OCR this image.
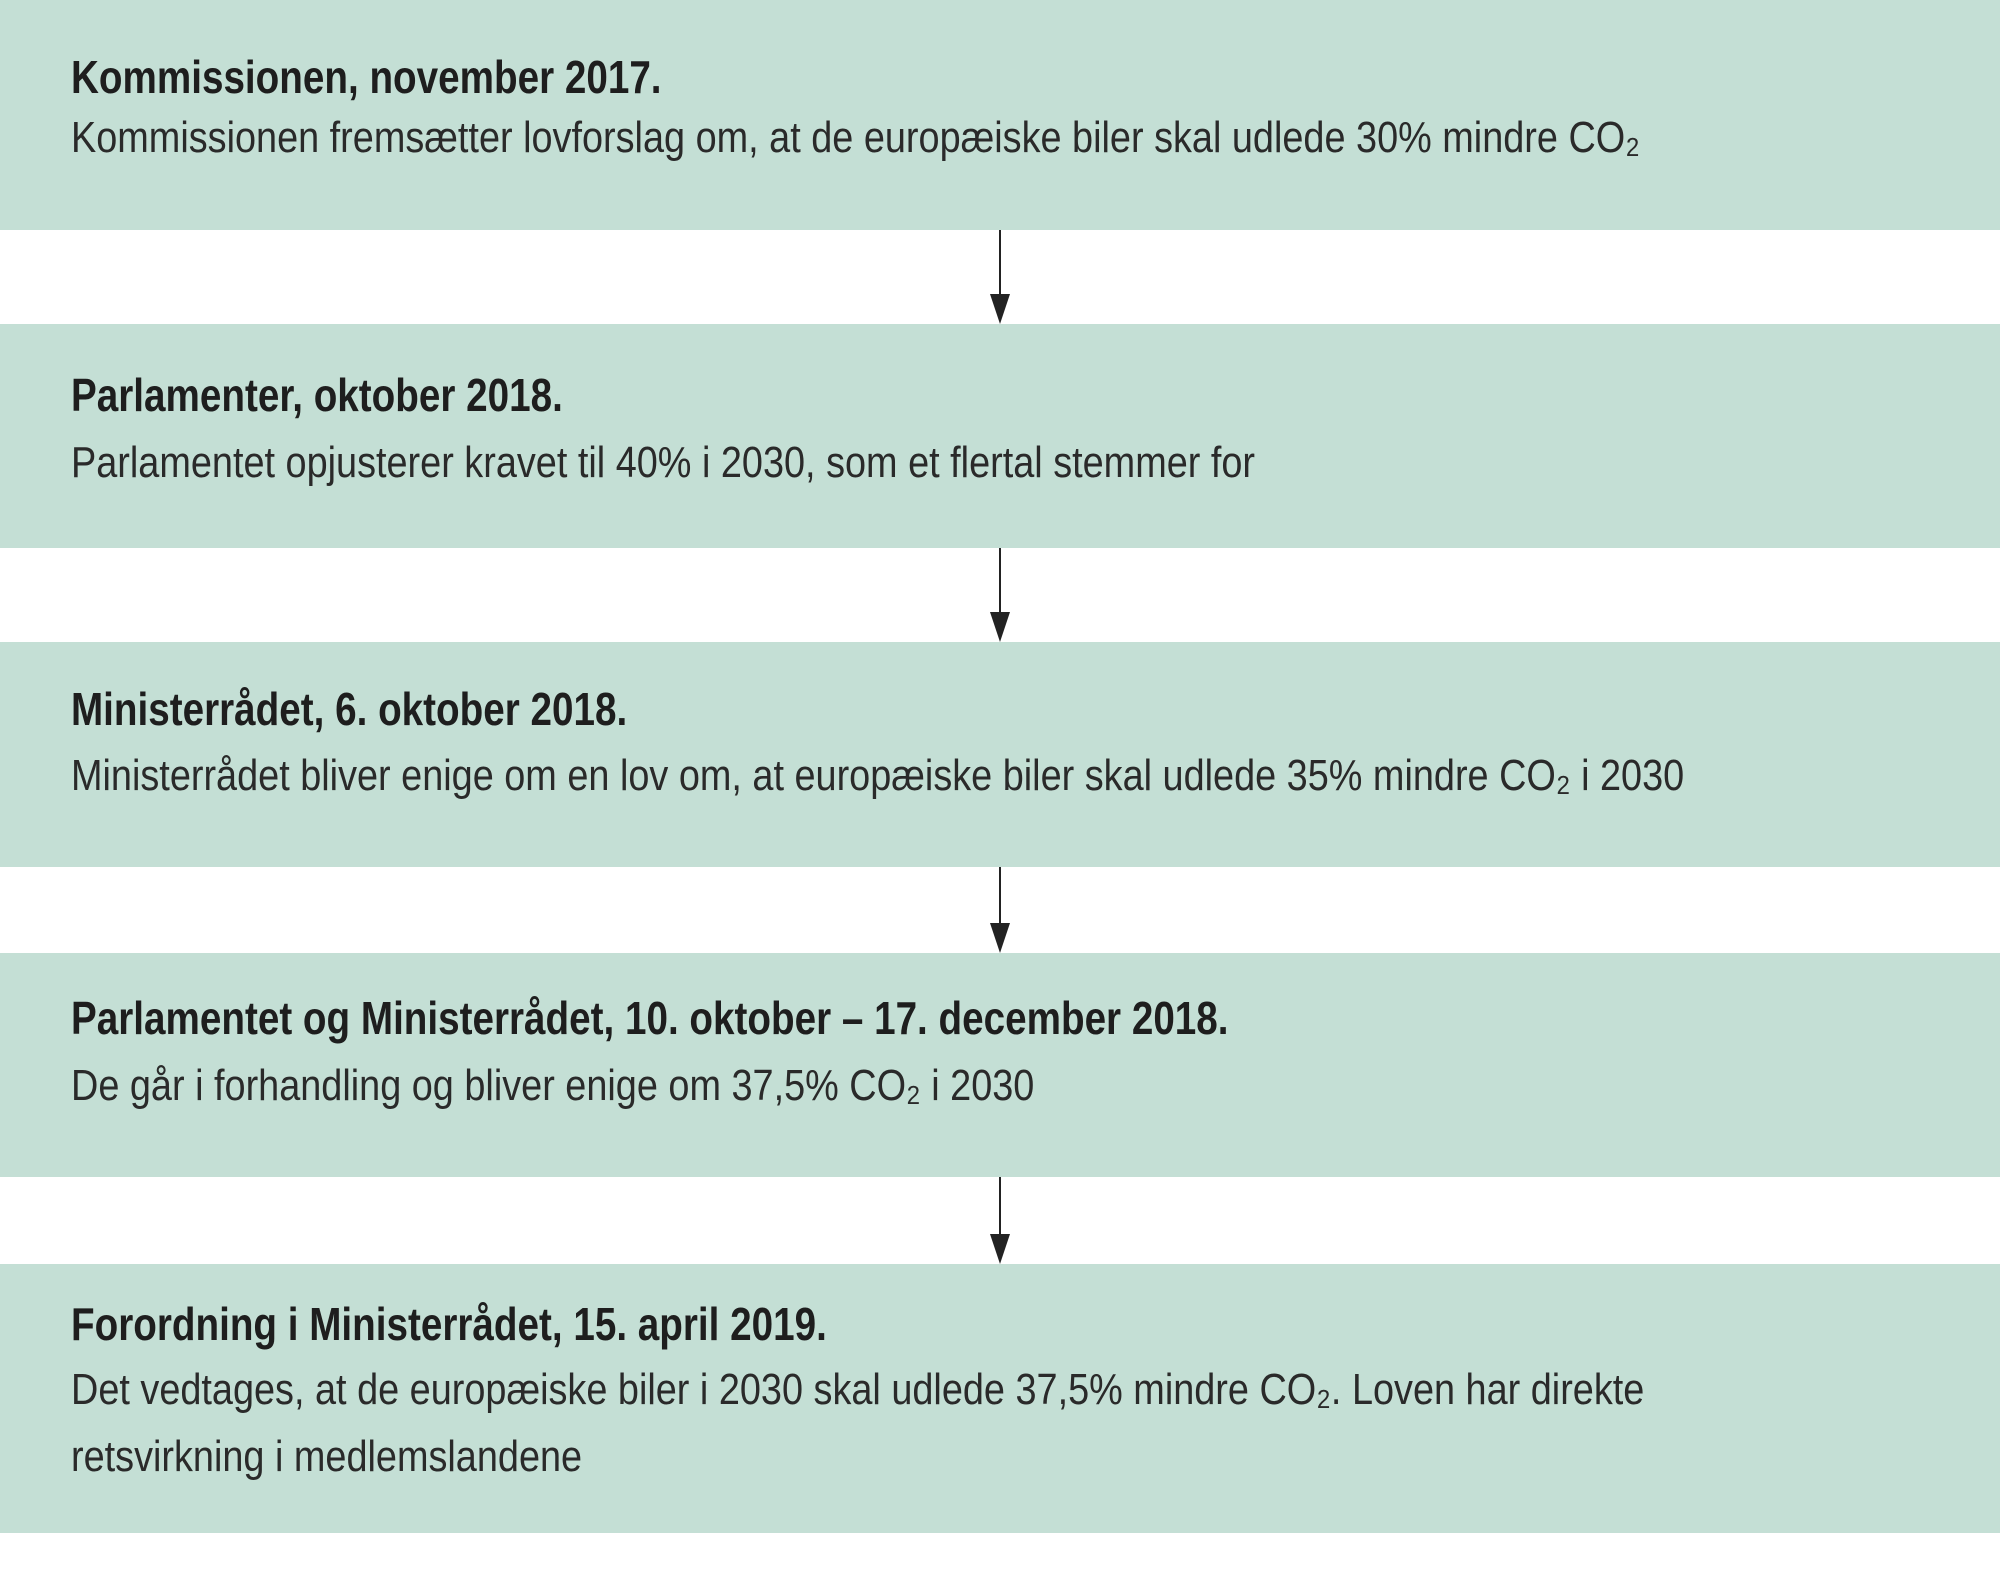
Kommissionen, november 2017.
Kommissionen fremsætter lovforslag om, at de europæiske biler skal udlede 30% mindre CO₂
Parlamenter, oktober 2018.
Parlamentet opjusterer kravet til 40% i 2030, som et flertal stemmer for
Ministerrådet, 6. oktober 2018.
Ministerrådet bliver enige om en lov om, at europæiske biler skal udlede 35% mindre CO₂ i 2030
Parlamentet og Ministerrådet, 10. oktober – 17. december 2018.
De går i forhandling og bliver enige om 37,5% CO₂ i 2030
Forordning i Ministerrådet, 15. april 2019.
Det vedtages, at de europæiske biler i 2030 skal udlede 37,5% mindre CO₂. Loven har direkte
retsvirkning i medlemslandene
